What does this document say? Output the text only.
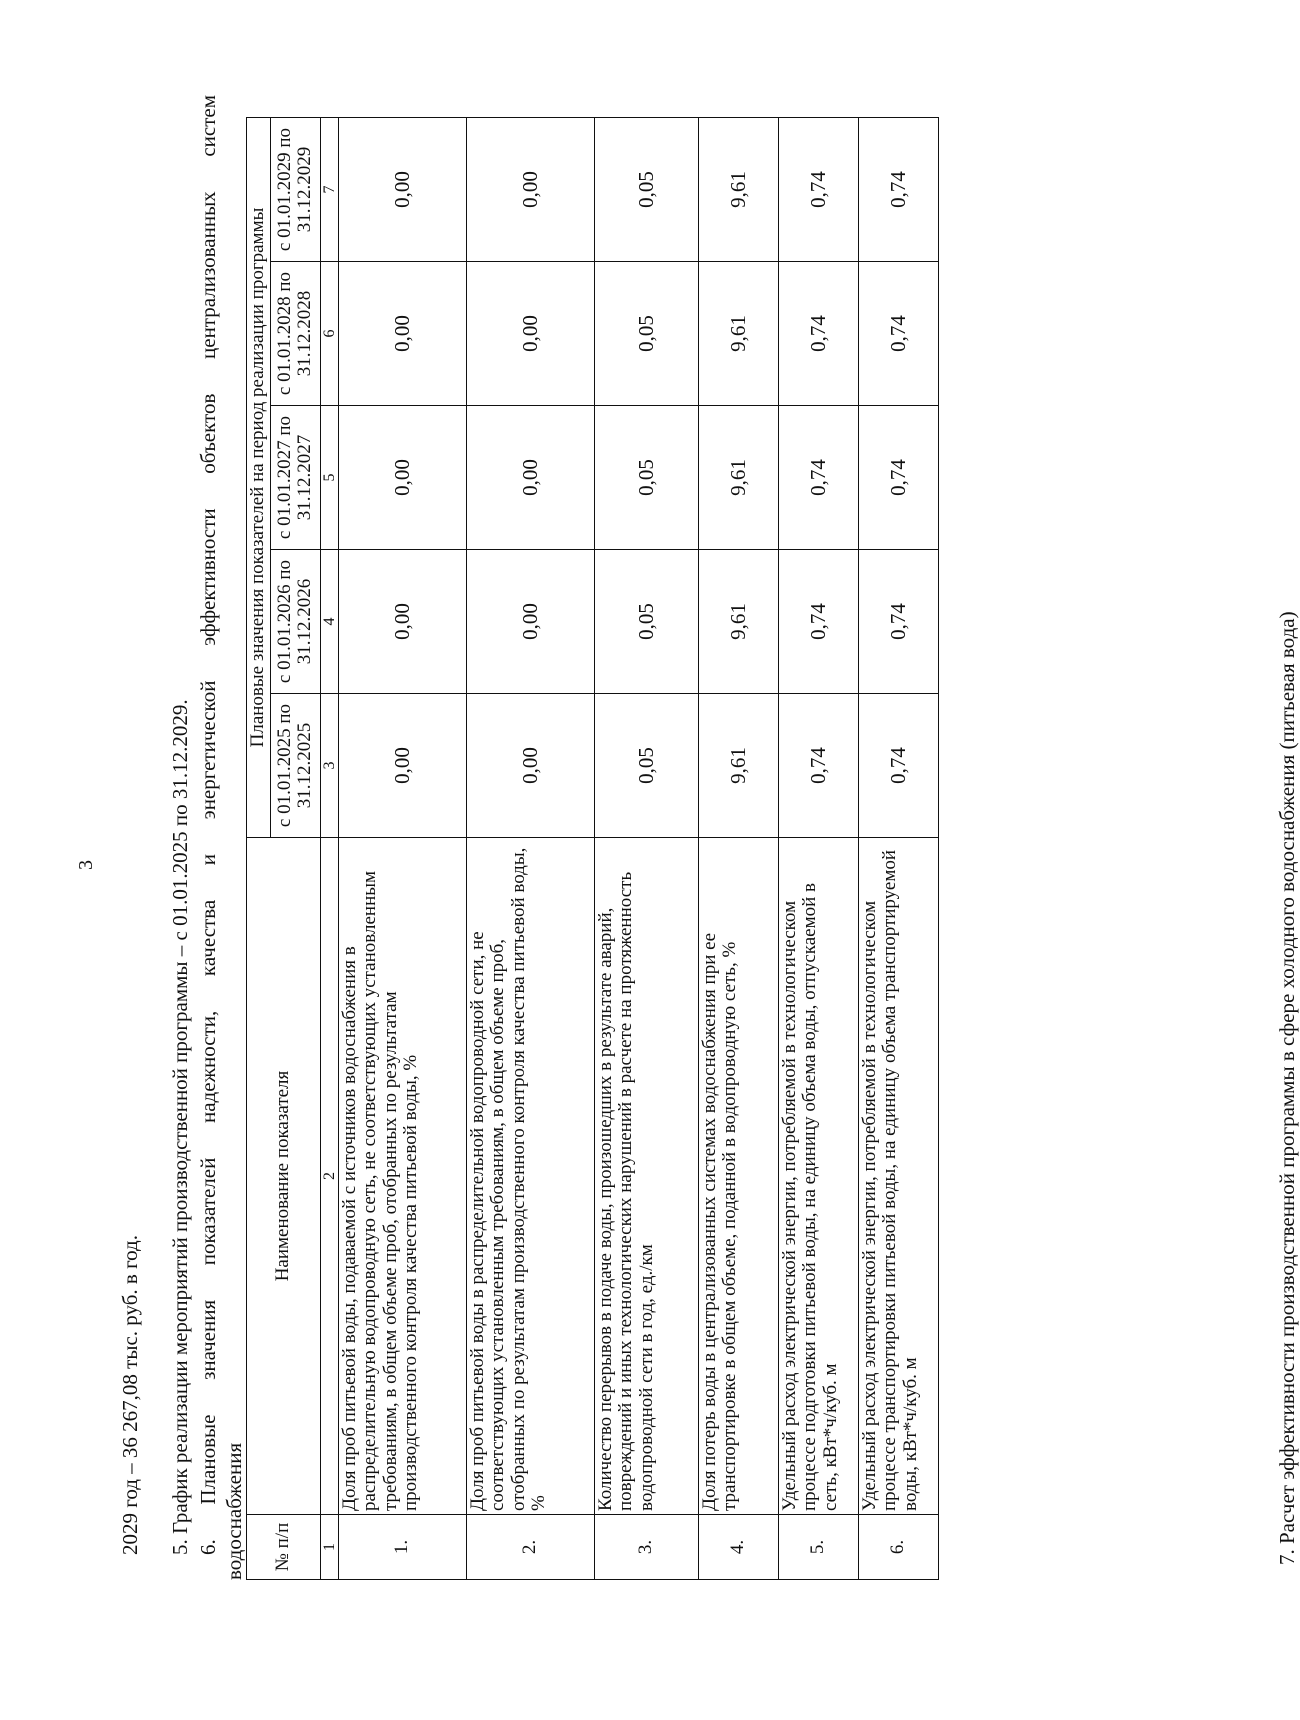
3
2029 год – 36 267,08 тыс. руб. в год. 5. График реализации мероприятий производственной программы – с 01.01.2025 по 31.12.2029. 6. Плановые значения показателей надежности, качества и энергетической эффективности объектов централизованных систем водоснабжения № п/п	Наименование показателя	Плановые значения показателей на период реализации программы				
		с 01.01.2025 по 31.12.2025	с 01.01.2026 по 31.12.2026	с 01.01.2027 по 31.12.2027	с 01.01.2028 по 31.12.2028	с 01.01.2029 по 31.12.2029
1	2	3	4	5	6	7
1.	Доля проб питьевой воды, подаваемой с источников водоснабжения в распределительную водопроводную сеть, не соответствующих установленным требованиям, в общем объеме проб, отобранных по результатам производственного контроля качества питьевой воды, %	0,00	0,00	0,00	0,00	0,00
2.	Доля проб питьевой воды в распределительной водопроводной сети, не соответствующих установленным требованиям, в общем объеме проб, отобранных по результатам производственного контроля качества питьевой воды, %	0,00	0,00	0,00	0,00	0,00
3.	Количество перерывов в подаче воды, произошедших в результате аварий, повреждений и иных технологических нарушений в расчете на протяженность водопроводной сети в год, ед./км	0,05	0,05	0,05	0,05	0,05
4.	Доля потерь воды в централизованных системах водоснабжения при ее транспортировке в общем объеме, поданной в водопроводную сеть, %	9,61	9,61	9,61	9,61	9,61
5.	Удельный расход электрической энергии, потребляемой в технологическом процессе подготовки питьевой воды, на единицу объема воды, отпускаемой в сеть, кВт*ч/куб. м	0,74	0,74	0,74	0,74	0,74
6.	Удельный расход электрической энергии, потребляемой в технологическом процессе транспортировки питьевой воды, на единицу объема транспортируемой воды, кВт*ч/куб. м	0,74	0,74	0,74	0,74	0,74
7. Расчет эффективности производственной программы в сфере холодного водоснабжения (питьевая вода)
